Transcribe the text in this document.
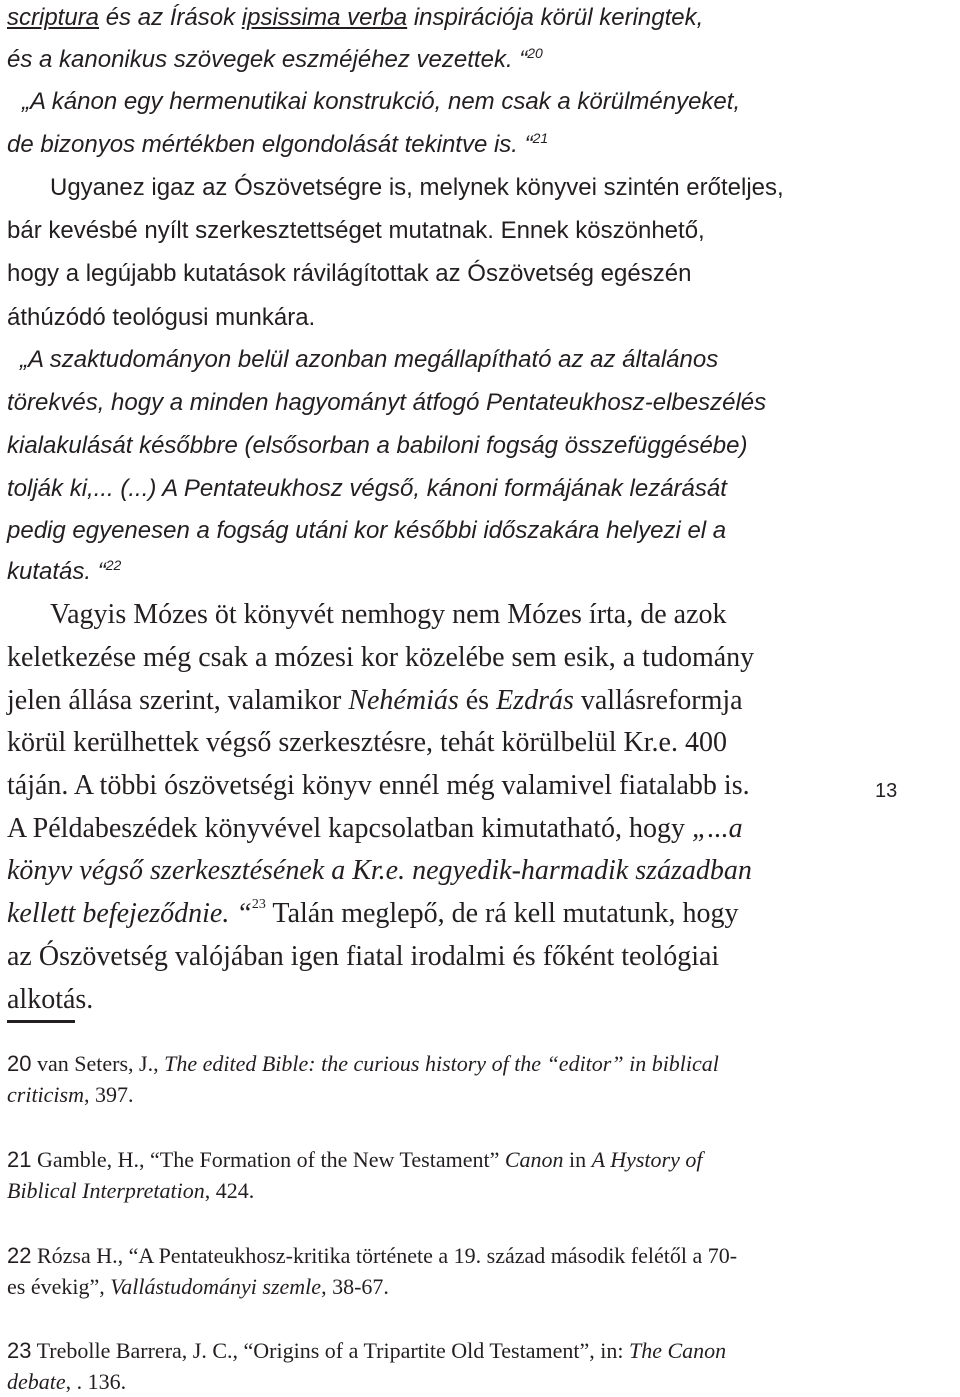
scriptura és az Írások ipsissima verba inspirációja körül keringtek,
és a kanonikus szövegek eszméjéhez vezettek. “$^{20}$
„A kánon egy hermenutikai konstrukció, nem csak a körülményeket,
de bizonyos mértékben elgondolását tekintve is. “$^{21}$
Ugyanez igaz az Ószövetségre is, melynek könyvei szintén erőteljes,
bár kevésbé nyílt szerkesztettséget mutatnak. Ennek köszönhető,
hogy a legújabb kutatások rávilágítottak az Ószövetség egészén
áthúzódó teológusi munkára.
„A szaktudományon belül azonban megállapítható az az általános
törekvés, hogy a minden hagyományt átfogó Pentateukhosz-elbeszélés
kialakulását későbbre (elsősorban a babiloni fogság összefüggésébe)
tolják ki,... (...) A Pentateukhosz végső, kánoni formájának lezárását
pedig egyenesen a fogság utáni kor későbbi időszakára helyezi el a
kutatás. “$^{22}$
Vagyis Mózes öt könyvét nemhogy nem Mózes írta, de azok
keletkezése még csak a mózesi kor közelébe sem esik, a tudomány
jelen állása szerint, valamikor Nehémiás és Ezdrás vallásreformja
körül kerülhettek végső szerkesztésre, tehát körülbelül Kr.e. 400
táján. A többi ószövetségi könyv ennél még valamivel fiatalabb is.
A Példabeszédek könyvével kapcsolatban kimutatható, hogy „...a
könyv végső szerkesztésének a Kr.e. negyedik-harmadik században
kellett befejeződnie. “$^{23}$ Talán meglepő, de rá kell mutatunk, hogy
az Ószövetség valójában igen fiatal irodalmi és főként teológiai
alkotás.
13
20 van Seters, J., The edited Bible: the curious history of the “editor” in biblical
criticism, 397.
21 Gamble, H., “The Formation of the New Testament” Canon in A Hystory of
Biblical Interpretation, 424.
22 Rózsa H., “A Pentateukhosz-kritika története a 19. század második felétől a 70-
es évekig”, Vallástudományi szemle, 38-67.
23 Trebolle Barrera, J. C., “Origins of a Tripartite Old Testament”, in: The Canon
debate, . 136.
